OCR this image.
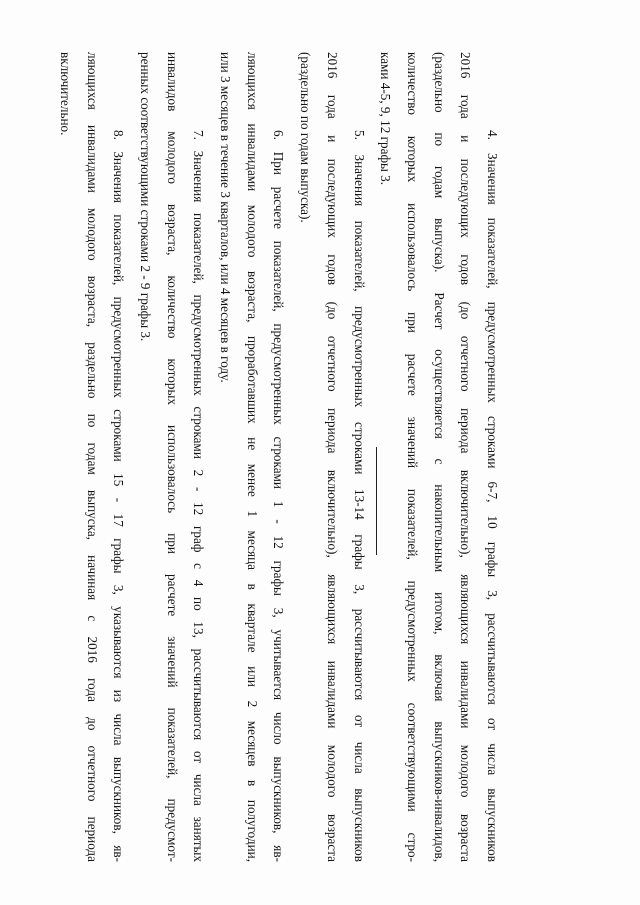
4. Значения показателей, предусмотренных строками 6-7, 10 графы 3, рассчитываются от числа выпускников
2016 года и последующих годов (до отчетного периода включительно), являющихся инвалидами молодого возраста
(раздельно по годам выпуска). Расчет осуществляется с накопительным итогом, включая выпускников-инвалидов,
количество которых использовалось при расчете значений показателей, предусмотренных соответствующими стро-
ками 4-5, 9, 12 графы 3.
5. Значения показателей, предусмотренных строками 13-14 графы 3, рассчитываются от числа выпускников
2016 года и последующих годов (до отчетного периода включительно), являющихся инвалидами молодого возраста
(раздельно по годам выпуска).
6. При расчете показателей, предусмотренных строками 1 - 12 графы 3, учитывается число выпускников, яв-
ляющихся инвалидами молодого возраста, проработавших не менее 1 месяца в квартале или 2 месяцев в полугодии,
или 3 месяцев в течение 3 кварталов, или 4 месяцев в году.
7. Значения показателей, предусмотренных строками 2 - 12 граф с 4 по 13, рассчитываются от числа занятых
инвалидов молодого возраста, количество которых использовалось при расчете значений показателей, предусмот-
ренных соответствующими строками 2 - 9 графы 3.
8. Значения показателей, предусмотренных строками 15 - 17 графы 3, указываются из числа выпускников, яв-
ляющихся инвалидами молодого возраста, раздельно по годам выпуска, начиная с 2016 года до отчетного периода
включительно.
